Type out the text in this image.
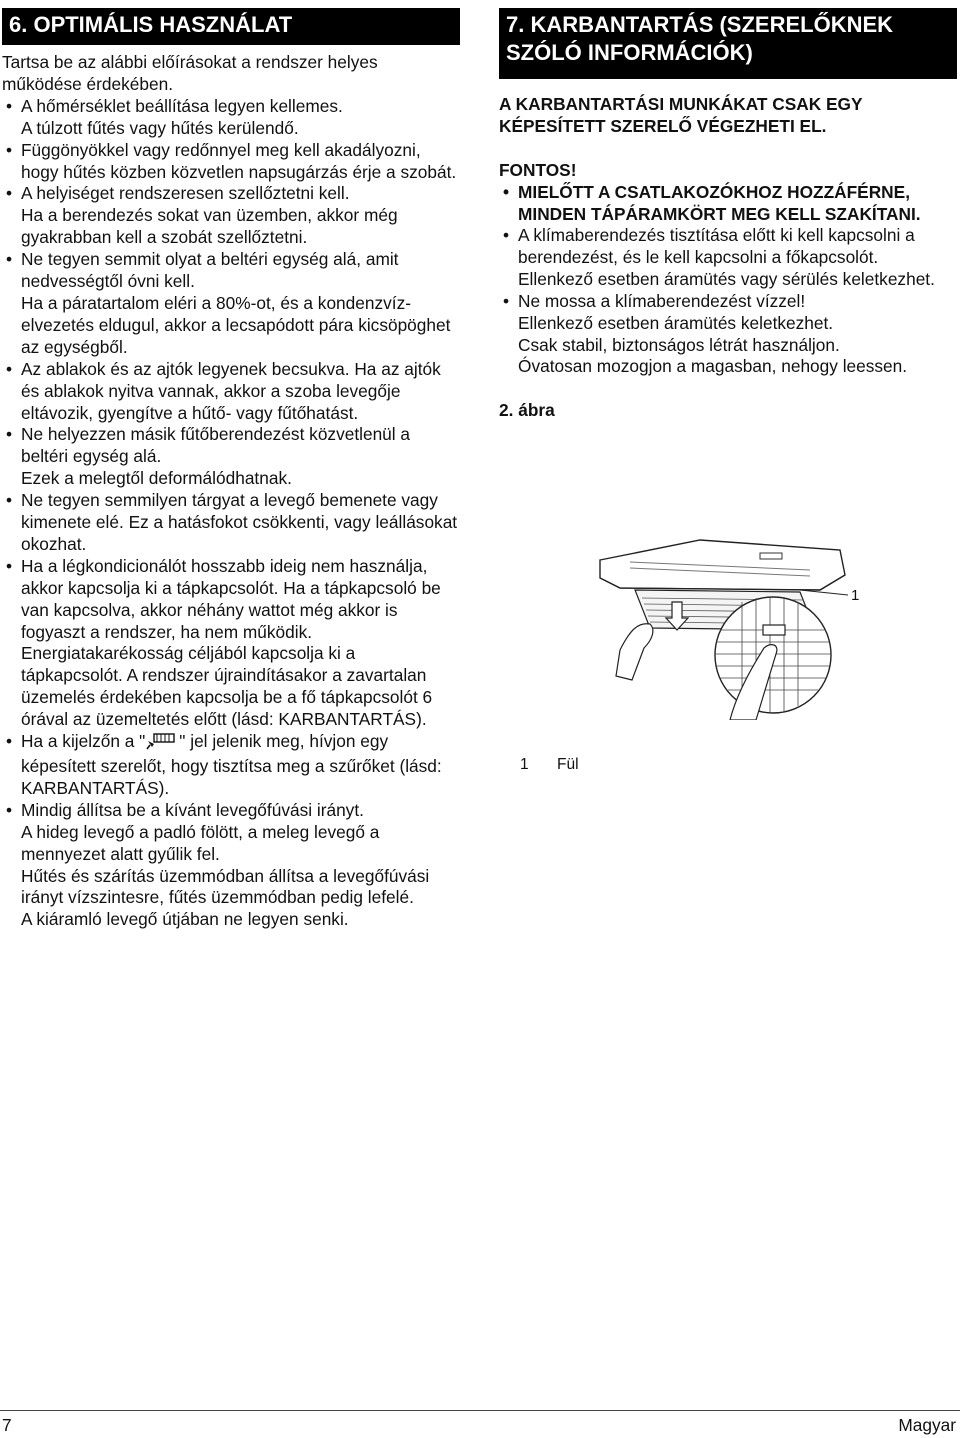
6. OPTIMÁLIS HASZNÁLAT

Tartsa be az alábbi előírásokat a rendszer helyes működése érdekében.

• A hőmérséklet beállítása legyen kellemes.

A túlzott fűtés vagy hűtés kerülendő.

• Függönyökkel vagy redőnnyel meg kell akadályozni, hogy hűtés közben közvetlen napsugárzás érje a szobát.

• A helyiséget rendszeresen szellőztetni kell.

Ha a berendezés sokat van üzemben, akkor még gyakrabban kell a szobát szellőztetni.

• Ne tegyen semmit olyat a beltéri egység alá, amit nedvességtől óvni kell.

Ha a páratartalom eléri a 80%-ot, és a kondenzvíz-elvezetés eldugul, akkor a lecsapódott pára kicsöpöghet az egységből.

• Az ablakok és az ajtók legyenek becsukva. Ha az ajtók és ablakok nyitva vannak, akkor a szoba levegője eltávozik, gyengítve a hűtő- vagy fűtőhatást.

• Ne helyezzen másik fűtőberendezést közvetlenül a beltéri egység alá.

Ezek a melegtől deformálódhatnak.

• Ne tegyen semmilyen tárgyat a levegő bemenete vagy kimenete elé. Ez a hatásfokot csökkenti, vagy leállásokat okozhat.

• Ha a légkondicionálót hosszabb ideig nem használja, akkor kapcsolja ki a tápkapcsolót. Ha a tápkapcsoló be van kapcsolva, akkor néhány wattot még akkor is fogyaszt a rendszer, ha nem működik. Energiatakarékosság céljából kapcsolja ki a tápkapcsolót. A rendszer újraindításakor a zavartalan üzemelés érdekében kapcsolja be a fő tápkapcsolót 6 órával az üzemeltetés előtt (lásd: KARBANTARTÁS).

• Ha a kijelzőn a " " jel jelenik meg, hívjon egy képesített szerelőt, hogy tisztítsa meg a szűrőket (lásd: KARBANTARTÁS).

• Mindig állítsa be a kívánt levegőfúvási irányt.

A hideg levegő a padló fölött, a meleg levegő a mennyezet alatt gyűlik fel.

Hűtés és szárítás üzemmódban állítsa a levegőfúvási irányt vízszintesre, fűtés üzemmódban pedig lefelé.

A kiáramló levegő útjában ne legyen senki.

7. KARBANTARTÁS (SZERELŐKNEK SZÓLÓ INFORMÁCIÓK)

A KARBANTARTÁSI MUNKÁKAT CSAK EGY KÉPESÍTETT SZERELŐ VÉGEZHETI EL.

FONTOS!

• MIELŐTT A CSATLAKOZÓKHOZ HOZZÁFÉRNE, MINDEN TÁPÁRAMKÖRT MEG KELL SZAKÍTANI.

• A klímaberendezés tisztítása előtt ki kell kapcsolni a berendezést, és le kell kapcsolni a főkapcsolót. Ellenkező esetben áramütés vagy sérülés keletkezhet.

• Ne mossa a klímaberendezést vízzel!

Ellenkező esetben áramütés keletkezhet.

Csak stabil, biztonságos létrát használjon.

Óvatosan mozogjon a magasban, nehogy leessen.

2. ábra

1
1 Fül
7	Magyar
